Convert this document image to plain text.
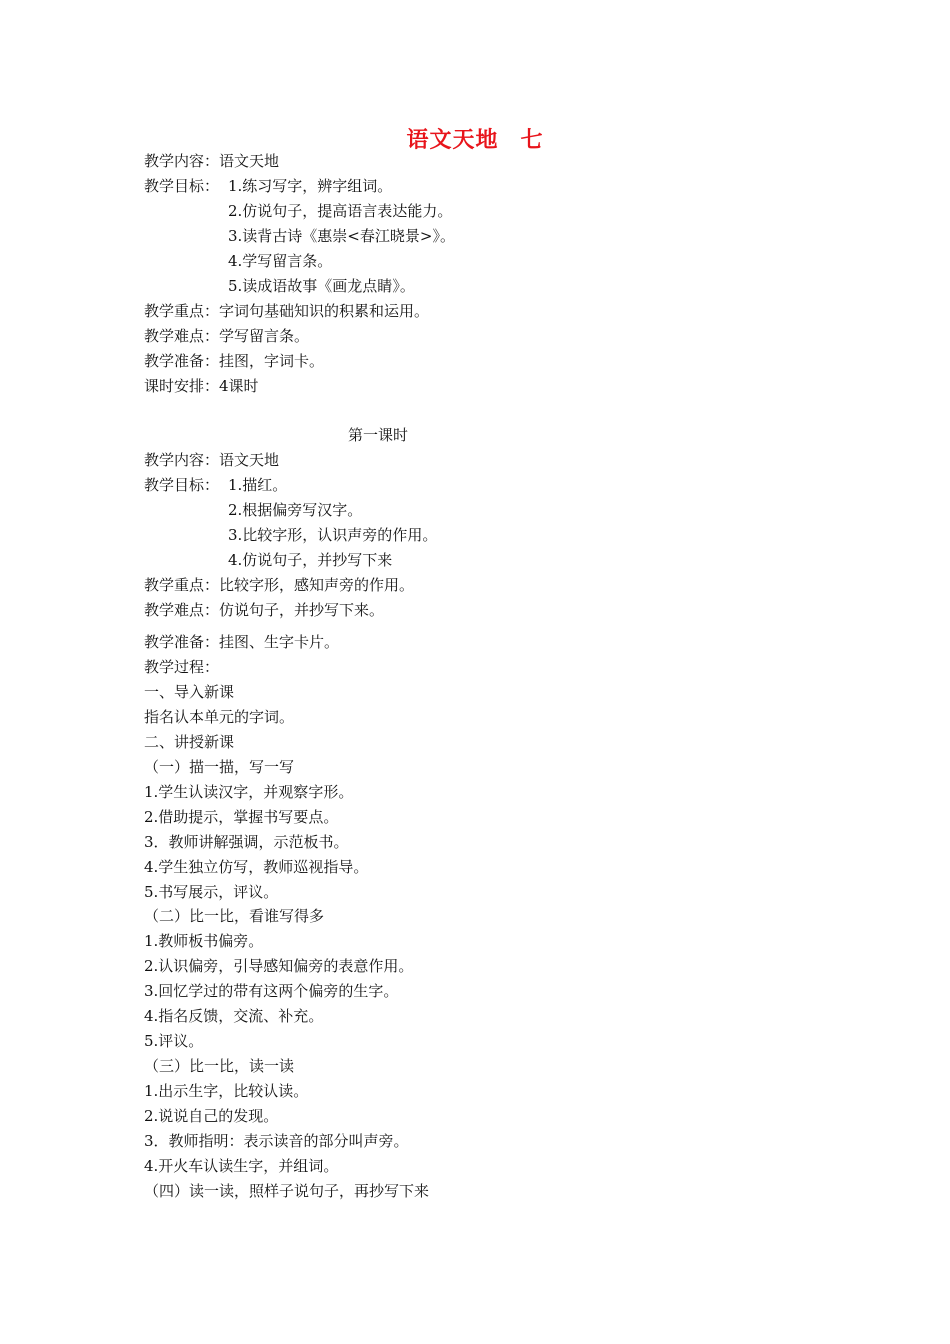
语文天地 七
教学内容：语文天地
教学目标： 1.练习写字，辨字组词。
2.仿说句子，提高语言表达能力。
3.读背古诗《惠崇<春江晓景>》。
4.学写留言条。
5.读成语故事《画龙点睛》。
教学重点：字词句基础知识的积累和运用。
教学难点：学写留言条。
教学准备：挂图，字词卡。
课时安排：4课时
第一课时
教学内容：语文天地
教学目标： 1.描红。
2.根据偏旁写汉字。
3.比较字形，认识声旁的作用。
4.仿说句子，并抄写下来
教学重点：比较字形，感知声旁的作用。
教学难点：仿说句子，并抄写下来。
教学准备：挂图、生字卡片。
教学过程：
一、导入新课
指名认本单元的字词。
二、讲授新课
（一）描一描，写一写
1.学生认读汉字，并观察字形。
2.借助提示，掌握书写要点。
3．教师讲解强调，示范板书。
4.学生独立仿写，教师巡视指导。
5.书写展示，评议。
（二）比一比，看谁写得多
1.教师板书偏旁。
2.认识偏旁，引导感知偏旁的表意作用。
3.回忆学过的带有这两个偏旁的生字。
4.指名反馈，交流、补充。
5.评议。
（三）比一比，读一读
1.出示生字，比较认读。
2.说说自己的发现。
3．教师指明：表示读音的部分叫声旁。
4.开火车认读生字，并组词。
（四）读一读，照样子说句子，再抄写下来
